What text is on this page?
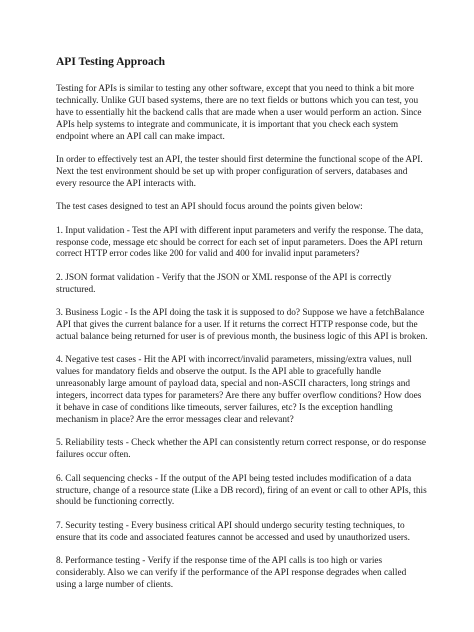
API Testing Approach

Testing for APIs is similar to testing any other software, except that you need to think a bit more technically. Unlike GUI based systems, there are no text fields or buttons which you can test, you have to essentially hit the backend calls that are made when a user would perform an action. Since APIs help systems to integrate and communicate, it is important that you check each system endpoint where an API call can make impact.

In order to effectively test an API, the tester should first determine the functional scope of the API. Next the test environment should be set up with proper configuration of servers, databases and every resource the API interacts with.

The test cases designed to test an API should focus around the points given below:

1. Input validation - Test the API with different input parameters and verify the response. The data, response code, message etc should be correct for each set of input parameters. Does the API return correct HTTP error codes like 200 for valid and 400 for invalid input parameters?

2. JSON format validation - Verify that the JSON or XML response of the API is correctly structured.

3. Business Logic - Is the API doing the task it is supposed to do? Suppose we have a fetchBalance API that gives the current balance for a user. If it returns the correct HTTP response code, but the actual balance being returned for user is of previous month, the business logic of this API is broken.

4. Negative test cases - Hit the API with incorrect/invalid parameters, missing/extra values, null values for mandatory fields and observe the output. Is the API able to gracefully handle unreasonably large amount of payload data, special and non-ASCII characters, long strings and integers, incorrect data types for parameters? Are there any buffer overflow conditions? How does it behave in case of conditions like timeouts, server failures, etc? Is the exception handling mechanism in place? Are the error messages clear and relevant?

5. Reliability tests - Check whether the API can consistently return correct response, or do response failures occur often.

6. Call sequencing checks - If the output of the API being tested includes modification of a data structure, change of a resource state (Like a DB record), firing of an event or call to other APIs, this should be functioning correctly.

7. Security testing - Every business critical API should undergo security testing techniques, to ensure that its code and associated features cannot be accessed and used by unauthorized users.

8. Performance testing - Verify if the response time of the API calls is too high or varies considerably. Also we can verify if the performance of the API response degrades when called using a large number of clients.
